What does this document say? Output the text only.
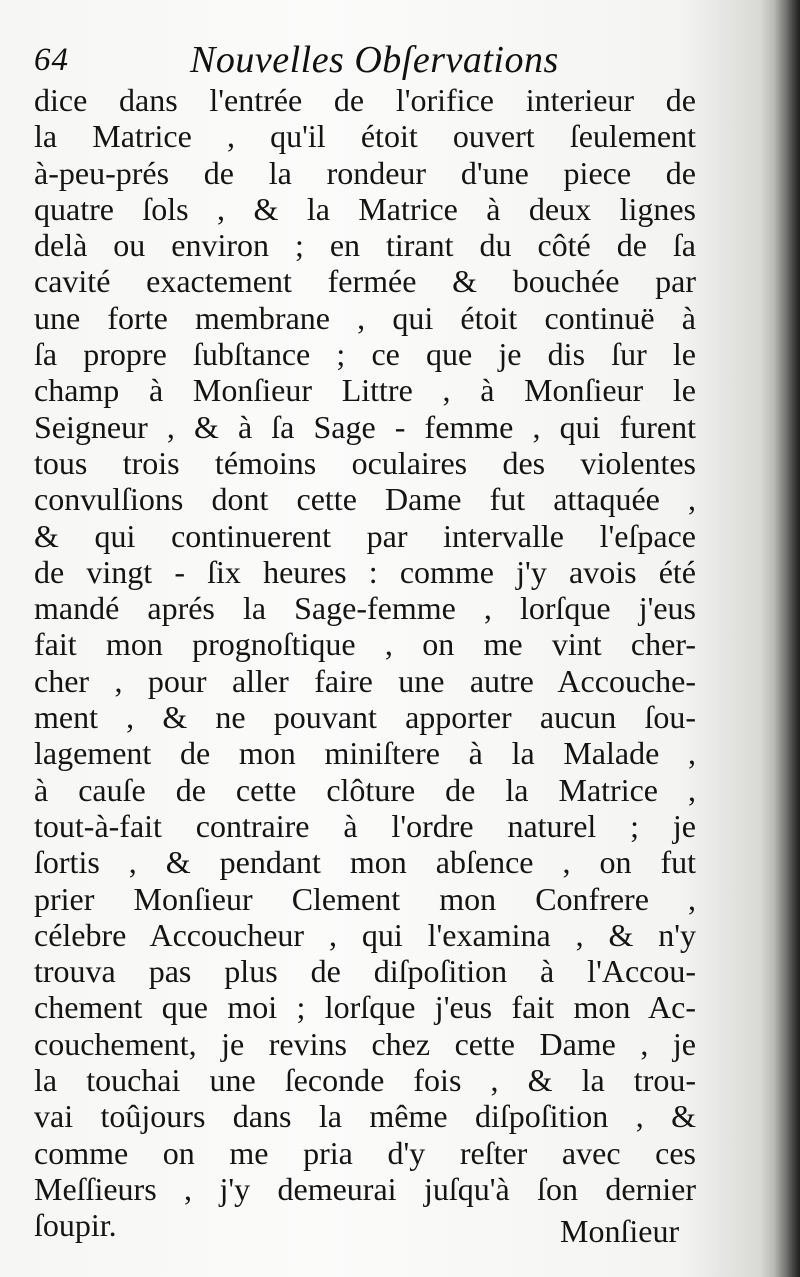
64	Nouvelles Obſervations
dice dans l'entrée de l'orifice interieur de
la Matrice , qu'il étoit ouvert ſeulement
à-peu-prés de la rondeur d'une piece de
quatre ſols , & la Matrice à deux lignes
delà ou environ ; en tirant du côté de ſa
cavité exactement fermée & bouchée par
une forte membrane , qui étoit continuë à
ſa propre ſubſtance ; ce que je dis ſur le
champ à Monſieur Littre , à Monſieur le
Seigneur , & à ſa Sage - femme , qui furent
tous trois témoins oculaires des violentes
convulſions dont cette Dame fut attaquée ,
& qui continuerent par intervalle l'eſpace
de vingt - ſix heures : comme j'y avois été
mandé aprés la Sage-femme , lorſque j'eus
fait mon prognoſtique , on me vint cher-
cher , pour aller faire une autre Accouche-
ment , & ne pouvant apporter aucun ſou-
lagement de mon miniſtere à la Malade ,
à cauſe de cette clôture de la Matrice ,
tout-à-fait contraire à l'ordre naturel ; je
ſortis , & pendant mon abſence , on fut
prier Monſieur Clement mon Confrere ,
célebre Accoucheur , qui l'examina , & n'y
trouva pas plus de diſpoſition à l'Accou-
chement que moi ; lorſque j'eus fait mon Ac-
couchement, je revins chez cette Dame , je
la touchai une ſeconde fois , & la trou-
vai toûjours dans la même diſpoſition , &
comme on me pria d'y reſter avec ces
Meſſieurs , j'y demeurai juſqu'à ſon dernier
ſoupir.	Monſieur
